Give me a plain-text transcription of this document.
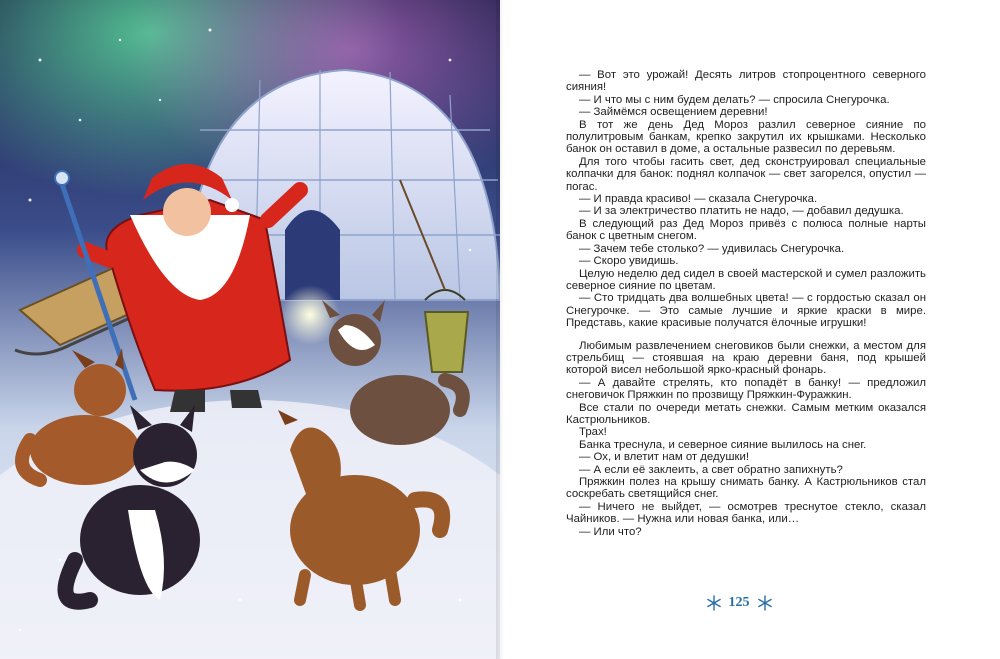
— Вот это урожай! Десять литров стопроцентного северного сияния!

— И что мы с ним будем делать? — спросила Снегурочка.

— Займёмся освещением деревни!

В тот же день Дед Мороз разлил северное сияние по полулитровым банкам, крепко закрутил их крышками. Несколько банок он оставил в доме, а остальные развесил по деревьям.

Для того чтобы гасить свет, дед сконструировал специальные колпачки для банок: поднял колпачок — свет загорелся, опустил — погас.

— И правда красиво! — сказала Снегурочка.

— И за электричество платить не надо, — добавил дедушка.

В следующий раз Дед Мороз привёз с полюса полные нарты банок с цветным снегом.

— Зачем тебе столько? — удивилась Снегурочка.

— Скоро увидишь.

Целую неделю дед сидел в своей мастерской и сумел разложить северное сияние по цветам.

— Сто тридцать два волшебных цвета! — с гордостью сказал он Снегурочке. — Это самые лучшие и яркие краски в мире. Представь, какие красивые получатся ёлочные игрушки!

Любимым развлечением снеговиков были снежки, а местом для стрельбищ — стоявшая на краю деревни баня, под крышей которой висел небольшой ярко-красный фонарь.

— А давайте стрелять, кто попадёт в банку! — предложил снеговичок Пряжкин по прозвищу Пряжкин-Фуражкин.

Все стали по очереди метать снежки. Самым метким оказался Кастрюльников.

Трах!

Банка треснула, и северное сияние вылилось на снег.

— Ох, и влетит нам от дедушки!

— А если её заклеить, а свет обратно запихнуть?

Пряжкин полез на крышу снимать банку. А Кастрюльников стал соскребать светящийся снег.

— Ничего не выйдет, — осмотрев треснутое стекло, сказал Чайников. — Нужна или новая банка, или…

— Или что?

125
